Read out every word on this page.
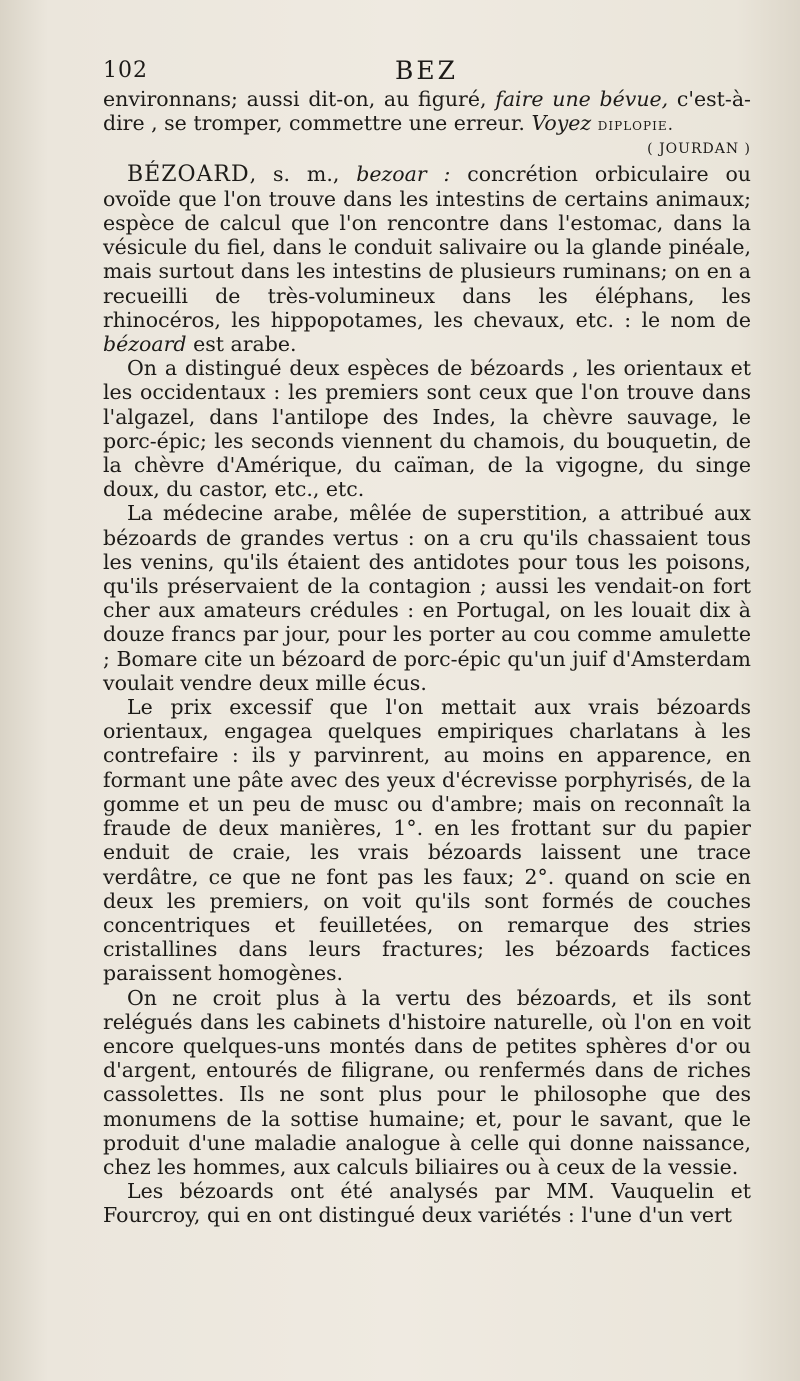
102	BEZ

environnans; aussi dit-on, au figuré, faire une bévue, c'est-à-dire , se tromper, commettre une erreur. Voyez diplopie.

( JOURDAN )

BÉZOARD, s. m., bezoar : concrétion orbiculaire ou ovoïde que l'on trouve dans les intestins de certains animaux; espèce de calcul que l'on rencontre dans l'estomac, dans la vésicule du fiel, dans le conduit salivaire ou la glande pinéale, mais surtout dans les intestins de plusieurs ruminans; on en a recueilli de très-volumineux dans les éléphans, les rhinocéros, les hippopotames, les chevaux, etc. : le nom de bézoard est arabe.

On a distingué deux espèces de bézoards , les orientaux et les occidentaux : les premiers sont ceux que l'on trouve dans l'algazel, dans l'antilope des Indes, la chèvre sauvage, le porc-épic; les seconds viennent du chamois, du bouquetin, de la chèvre d'Amérique, du caïman, de la vigogne, du singe doux, du castor, etc., etc.

La médecine arabe, mêlée de superstition, a attribué aux bézoards de grandes vertus : on a cru qu'ils chassaient tous les venins, qu'ils étaient des antidotes pour tous les poisons, qu'ils préservaient de la contagion ; aussi les vendait-on fort cher aux amateurs crédules : en Portugal, on les louait dix à douze francs par jour, pour les porter au cou comme amulette ; Bomare cite un bézoard de porc-épic qu'un juif d'Amsterdam voulait vendre deux mille écus.

Le prix excessif que l'on mettait aux vrais bézoards orientaux, engagea quelques empiriques charlatans à les contrefaire : ils y parvinrent, au moins en apparence, en formant une pâte avec des yeux d'écrevisse porphyrisés, de la gomme et un peu de musc ou d'ambre; mais on reconnaît la fraude de deux manières, 1°. en les frottant sur du papier enduit de craie, les vrais bézoards laissent une trace verdâtre, ce que ne font pas les faux; 2°. quand on scie en deux les premiers, on voit qu'ils sont formés de couches concentriques et feuilletées, on remarque des stries cristallines dans leurs fractures; les bézoards factices paraissent homogènes.

On ne croit plus à la vertu des bézoards, et ils sont relégués dans les cabinets d'histoire naturelle, où l'on en voit encore quelques-uns montés dans de petites sphères d'or ou d'argent, entourés de filigrane, ou renfermés dans de riches cassolettes. Ils ne sont plus pour le philosophe que des monumens de la sottise humaine; et, pour le savant, que le produit d'une maladie analogue à celle qui donne naissance, chez les hommes, aux calculs biliaires ou à ceux de la vessie.

Les bézoards ont été analysés par MM. Vauquelin et Fourcroy, qui en ont distingué deux variétés : l'une d'un vert
